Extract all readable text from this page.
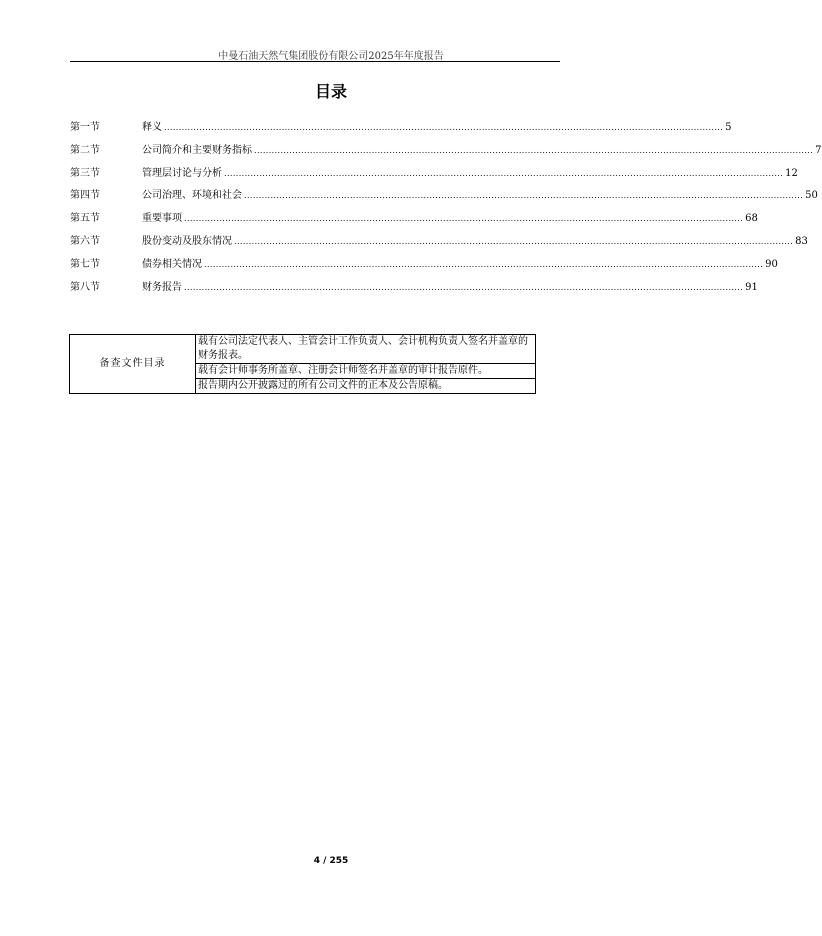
中曼石油天然气集团股份有限公司2025年年度报告
目录
第一节	释义 .............................................................................................................................................................................................. 5
第二节	公司简介和主要财务指标 .............................................................................................................................................................................................. 7
第三节	管理层讨论与分析 .............................................................................................................................................................................................. 12
第四节	公司治理、环境和社会 .............................................................................................................................................................................................. 50
第五节	重要事项 .............................................................................................................................................................................................. 68
第六节	股份变动及股东情况 .............................................................................................................................................................................................. 83
第七节	债券相关情况 .............................................................................................................................................................................................. 90
第八节	财务报告 .............................................................................................................................................................................................. 91
备查文件目录	载有公司法定代表人、主管会计工作负责人、会计机构负责人签名并盖章的财务报表。
载有会计师事务所盖章、注册会计师签名并盖章的审计报告原件。
报告期内公开披露过的所有公司文件的正本及公告原稿。
4 / 255
